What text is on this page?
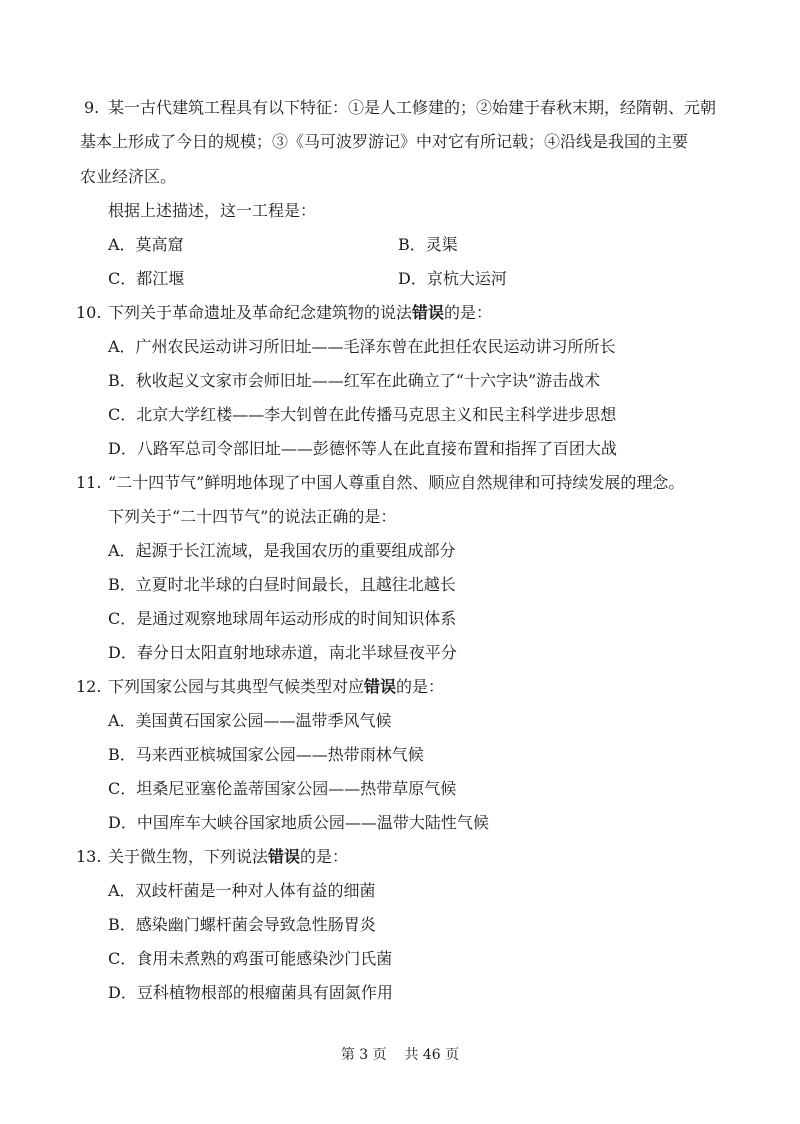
9. 某一古代建筑工程具有以下特征：①是人工修建的；②始建于春秋末期，经隋朝、元朝
基本上形成了今日的规模；③《马可波罗游记》中对它有所记载；④沿线是我国的主要
农业经济区。
根据上述描述，这一工程是：
A．莫高窟	B．灵渠
C．都江堰	D．京杭大运河
10. 下列关于革命遗址及革命纪念建筑物的说法错误的是：
A．广州农民运动讲习所旧址——毛泽东曾在此担任农民运动讲习所所长
B．秋收起义文家市会师旧址——红军在此确立了“十六字诀”游击战术
C．北京大学红楼——李大钊曾在此传播马克思主义和民主科学进步思想
D．八路军总司令部旧址——彭德怀等人在此直接布置和指挥了百团大战
11. “二十四节气”鲜明地体现了中国人尊重自然、顺应自然规律和可持续发展的理念。
下列关于“二十四节气”的说法正确的是：
A．起源于长江流域，是我国农历的重要组成部分
B．立夏时北半球的白昼时间最长，且越往北越长
C．是通过观察地球周年运动形成的时间知识体系
D．春分日太阳直射地球赤道，南北半球昼夜平分
12. 下列国家公园与其典型气候类型对应错误的是：
A．美国黄石国家公园——温带季风气候
B．马来西亚槟城国家公园——热带雨林气候
C．坦桑尼亚塞伦盖蒂国家公园——热带草原气候
D．中国库车大峡谷国家地质公园——温带大陆性气候
13. 关于微生物，下列说法错误的是：
A．双歧杆菌是一种对人体有益的细菌
B．感染幽门螺杆菌会导致急性肠胃炎
C．食用未煮熟的鸡蛋可能感染沙门氏菌
D．豆科植物根部的根瘤菌具有固氮作用
第 3 页    共 46 页
